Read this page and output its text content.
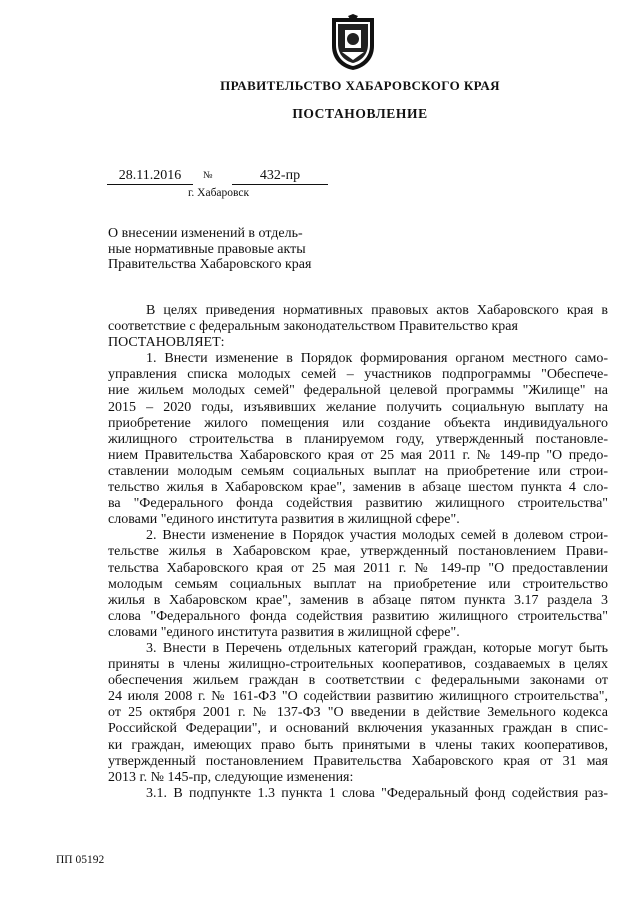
ПРАВИТЕЛЬСТВО ХАБАРОВСКОГО КРАЯ
ПОСТАНОВЛЕНИЕ
28.11.2016	№	432-пр
г. Хабаровск
О внесении изменений в отдель-
ные нормативные правовые акты
Правительства Хабаровского края
В целях приведения нормативных правовых актов Хабаровского края в
соответствие с федеральным законодательством Правительство края
ПОСТАНОВЛЯЕТ:
1. Внести изменение в Порядок формирования органом местного само-
управления списка молодых семей – участников подпрограммы "Обеспече-
ние жильем молодых семей" федеральной целевой программы "Жилище" на
2015 – 2020 годы, изъявивших желание получить социальную выплату на
приобретение жилого помещения или создание объекта индивидуального
жилищного строительства в планируемом году, утвержденный постановле-
нием Правительства Хабаровского края от 25 мая 2011 г. № 149-пр "О предо-
ставлении молодым семьям социальных выплат на приобретение или строи-
тельство жилья в Хабаровском крае", заменив в абзаце шестом пункта 4 сло-
ва "Федерального фонда содействия развитию жилищного строительства"
словами "единого института развития в жилищной сфере".
2. Внести изменение в Порядок участия молодых семей в долевом строи-
тельстве жилья в Хабаровском крае, утвержденный постановлением Прави-
тельства Хабаровского края от 25 мая 2011 г. № 149-пр "О предоставлении
молодым семьям социальных выплат на приобретение или строительство
жилья в Хабаровском крае", заменив в абзаце пятом пункта 3.17 раздела 3
слова "Федерального фонда содействия развитию жилищного строительства"
словами "единого института развития в жилищной сфере".
3. Внести в Перечень отдельных категорий граждан, которые могут быть
приняты в члены жилищно-строительных кооперативов, создаваемых в целях
обеспечения жильем граждан в соответствии с федеральными законами от
24 июля 2008 г. № 161-ФЗ "О содействии развитию жилищного строительства",
от 25 октября 2001 г. № 137-ФЗ "О введении в действие Земельного кодекса
Российской Федерации", и оснований включения указанных граждан в спис-
ки граждан, имеющих право быть принятыми в члены таких кооперативов,
утвержденный постановлением Правительства Хабаровского края от 31 мая
2013 г. № 145-пр, следующие изменения:
3.1. В подпункте 1.3 пункта 1 слова "Федеральный фонд содействия раз-
ПП 05192
